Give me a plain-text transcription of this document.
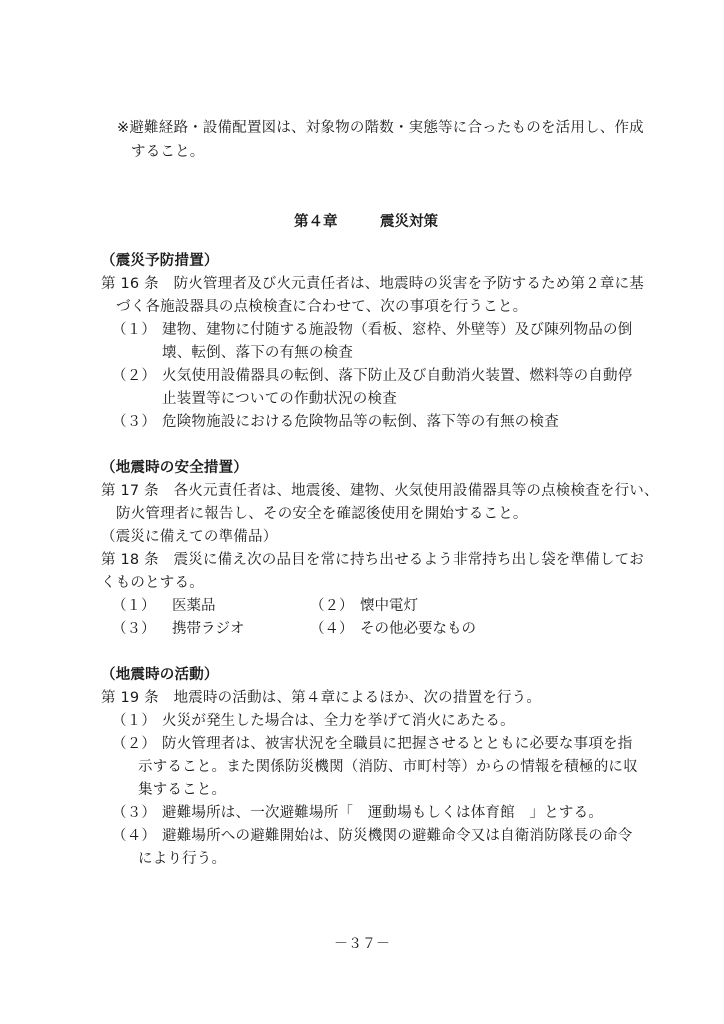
※避難経路・設備配置図は、対象物の階数・実態等に合ったものを活用し、作成
すること。
第４章	震災対策
（震災予防措置）
第 16 条　防火管理者及び火元責任者は、地震時の災害を予防するため第２章に基
づく各施設器具の点検検査に合わせて、次の事項を行うこと。
（１） 建物、建物に付随する施設物（看板、窓枠、外壁等）及び陳列物品の倒
壊、転倒、落下の有無の検査
（２） 火気使用設備器具の転倒、落下防止及び自動消火装置、燃料等の自動停
止装置等についての作動状況の検査
（３） 危険物施設における危険物品等の転倒、落下等の有無の検査
（地震時の安全措置）
第 17 条　各火元責任者は、地震後、建物、火気使用設備器具等の点検検査を行い、
防火管理者に報告し、その安全を確認後使用を開始すること。
（震災に備えての準備品）
第 18 条　震災に備え次の品目を常に持ち出せるよう非常持ち出し袋を準備してお
くものとする。
（１） 医薬品	（２） 懐中電灯
（３） 携帯ラジオ	（４） その他必要なもの
（地震時の活動）
第 19 条　地震時の活動は、第４章によるほか、次の措置を行う。
（１） 火災が発生した場合は、全力を挙げて消火にあたる。
（２） 防火管理者は、被害状況を全職員に把握させるとともに必要な事項を指
示すること。また関係防災機関（消防、市町村等）からの情報を積極的に収
集すること。
（３） 避難場所は、一次避難場所「　運動場もしくは体育館　」とする。
（４） 避難場所への避難開始は、防災機関の避難命令又は自衛消防隊長の命令
により行う。
－３７－
